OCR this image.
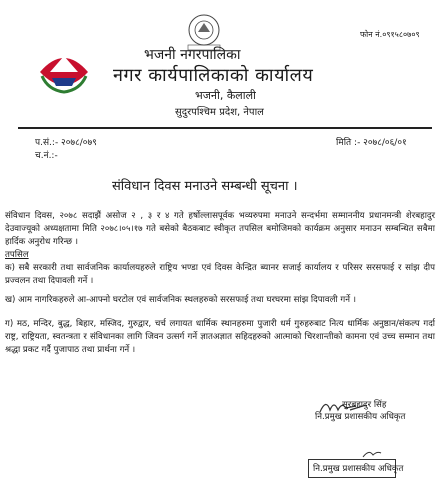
फोन नं.०९१५८०७०९
भजनी नगरपालिका
नगर कार्यपालिकाको कार्यालय
भजनी, कैलाली
सुदुरपश्चिम प्रदेश, नेपाल
प.सं.:- २०७८/०७९
च.नं.:-
मिति :- २०७८/०६/०१
संविधान दिवस मनाउने सम्बन्धी सूचना ।
संविधान दिवस, २०७८ सदाझैं असोज २ , ३ र ४ गते हर्षोल्लासपूर्वक भव्यरुपमा मनाउने सन्दर्भमा सम्माननीय प्रधानमन्त्री शेरबहादुर देउवाज्यूको अध्यक्षतामा मिति २०७८।०५।१७ गते बसेको बैठकबाट स्वीकृत तपसिल बमोजिमको कार्यक्रम अनुसार मनाउन सम्बन्धित सबैमा हार्दिक अनुरोध गरिन्छ ।
तपसिल
क) सबै सरकारी तथा सार्वजनिक कार्यालयहरुले राष्ट्रिय भण्डा एवं दिवस केन्द्रित ब्यानर सजाई कार्यालय र परिसर सरसफाई र सांझ दीप प्रज्वलन तथा दिपावली गर्ने ।
ख) आम नागरिकहरुले आ-आफ्नो घरटोल एवं सार्वजनिक स्थलहरुको सरसफाई तथा घरघरमा सांझ दिपावली गर्ने ।
ग) मठ, मन्दिर, बुद्ध, बिहार, मस्जिद, गुरुद्वार, चर्च लगायत धार्मिक स्थानहरुमा पुजारी धर्म गुरुहरुबाट नित्य धार्मिक अनुष्ठान/संकल्प गर्दा राष्ट्र, राष्ट्रियता, स्वतन्त्रता र संविधानका लागि जिवन उत्सर्ग गर्ने ज्ञातअज्ञात सहिदहरुको आत्माको चिरशान्तीको कामना एवं उच्च सम्मान तथा श्रद्धा प्रकट गर्दै पुजापाठ तथा प्रार्थना गर्ने ।
सुरबहादुर सिंह
नि.प्रमुख प्रशासकीय अधिकृत
नि.प्रमुख प्रशासकीय अधिकृत
